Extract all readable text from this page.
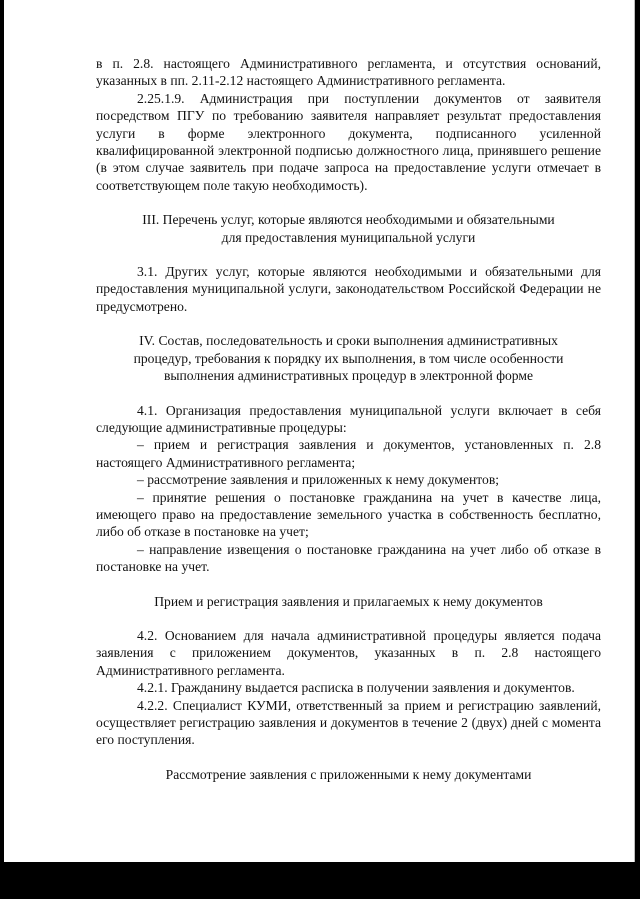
в п. 2.8. настоящего Административного регламента, и отсутствия оснований, указанных в пп. 2.11-2.12 настоящего Административного регламента.

2.25.1.9. Администрация при поступлении документов от заявителя посредством ПГУ по требованию заявителя направляет результат предоставления услуги в форме электронного документа, подписанного усиленной квалифицированной электронной подписью должностного лица, принявшего решение (в этом случае заявитель при подаче запроса на предоставление услуги отмечает в соответствующем поле такую необходимость).

III. Перечень услуг, которые являются необходимыми и обязательными

для предоставления муниципальной услуги

3.1. Других услуг, которые являются необходимыми и обязательными для предоставления муниципальной услуги, законодательством Российской Федерации не предусмотрено.

IV. Состав, последовательность и сроки выполнения административных

процедур, требования к порядку их выполнения, в том числе особенности

выполнения административных процедур в электронной форме

4.1. Организация предоставления муниципальной услуги включает в себя следующие административные процедуры:

– прием и регистрация заявления и документов, установленных п. 2.8 настоящего Административного регламента;

– рассмотрение заявления и приложенных к нему документов;

– принятие решения о постановке гражданина на учет в качестве лица, имеющего право на предоставление земельного участка в собственность бесплатно, либо об отказе в постановке на учет;

– направление извещения о постановке гражданина на учет либо об отказе в постановке на учет.

Прием и регистрация заявления и прилагаемых к нему документов

4.2. Основанием для начала административной процедуры является подача заявления с приложением документов, указанных в п. 2.8 настоящего Административного регламента.

4.2.1. Гражданину выдается расписка в получении заявления и документов.

4.2.2. Специалист КУМИ, ответственный за прием и регистрацию заявлений, осуществляет регистрацию заявления и документов в течение 2 (двух) дней с момента его поступления.

Рассмотрение заявления с приложенными к нему документами
